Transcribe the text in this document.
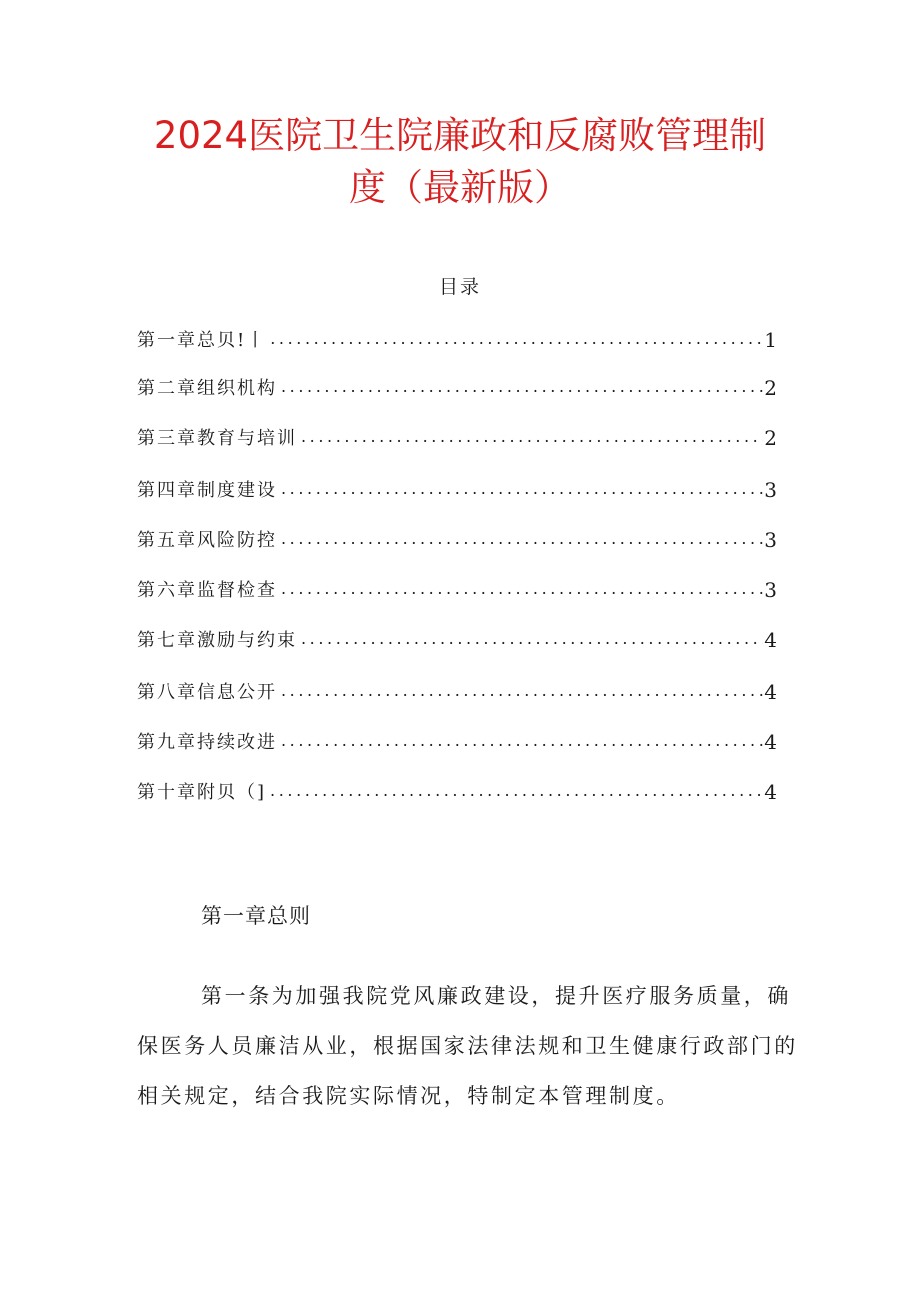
2024医院卫生院廉政和反腐败管理制
度（最新版）
目录
第一章总贝!丨 .....	1
第二章组织机构 .....	2
第三章教育与培训 .....	2
第四章制度建设 .....	3
第五章风险防控 .....	3
第六章监督检查 .....	3
第七章激励与约束 .....	4
第八章信息公开 .....	4
第九章持续改进 .....	4
第十章附贝（] .....	4
第一章总则
第一条为加强我院党风廉政建设，提升医疗服务质量，确
保医务人员廉洁从业，根据国家法律法规和卫生健康行政部门的
相关规定，结合我院实际情况，特制定本管理制度。
